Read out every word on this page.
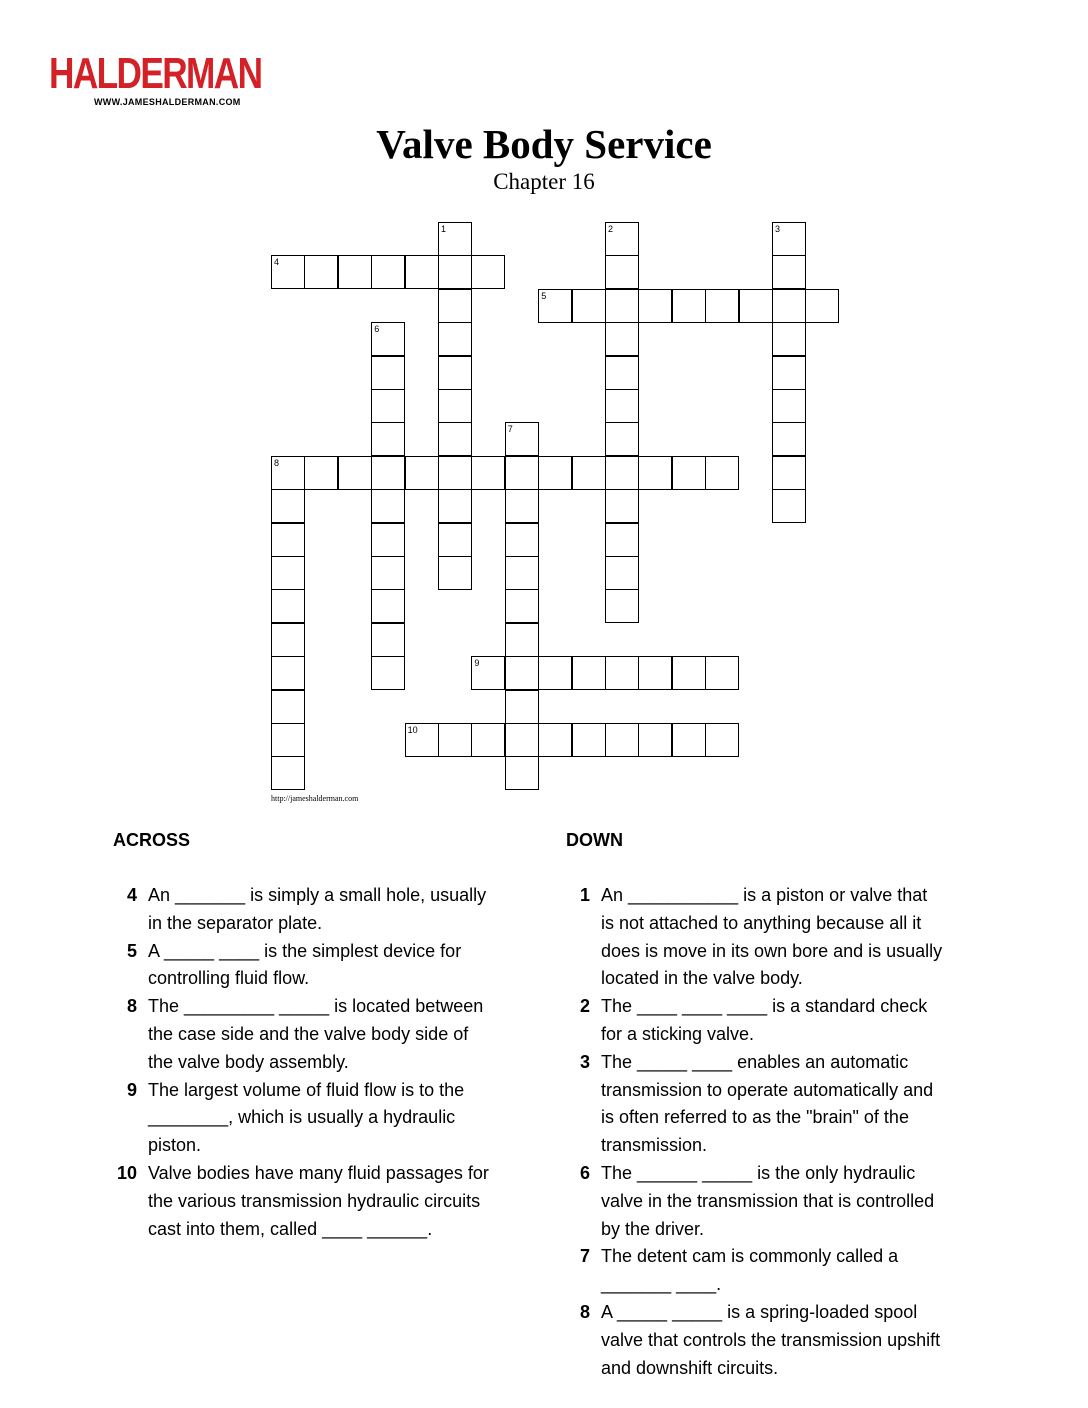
HALDERMAN
WWW.JAMESHALDERMAN.COM
Valve Body Service
Chapter 16
1	2	3
4
5
6
7
8
9
10
http://jameshalderman.com
ACROSS	DOWN
4 An _______ is simply a small hole, usually in the separator plate.
5 A _____ ____ is the simplest device for controlling fluid flow.
8 The _________ _____ is located between the case side and the valve body side of the valve body assembly.
9 The largest volume of fluid flow is to the ________, which is usually a hydraulic piston.
10 Valve bodies have many fluid passages for the various transmission hydraulic circuits cast into them, called ____ ______.
1 An ___________ is a piston or valve that is not attached to anything because all it does is move in its own bore and is usually located in the valve body.
2 The ____ ____ ____ is a standard check for a sticking valve.
3 The _____ ____ enables an automatic transmission to operate automatically and is often referred to as the "brain" of the transmission.
6 The ______ _____ is the only hydraulic valve in the transmission that is controlled by the driver.
7 The detent cam is commonly called a _______ ____.
8 A _____ _____ is a spring-loaded spool valve that controls the transmission upshift and downshift circuits.
